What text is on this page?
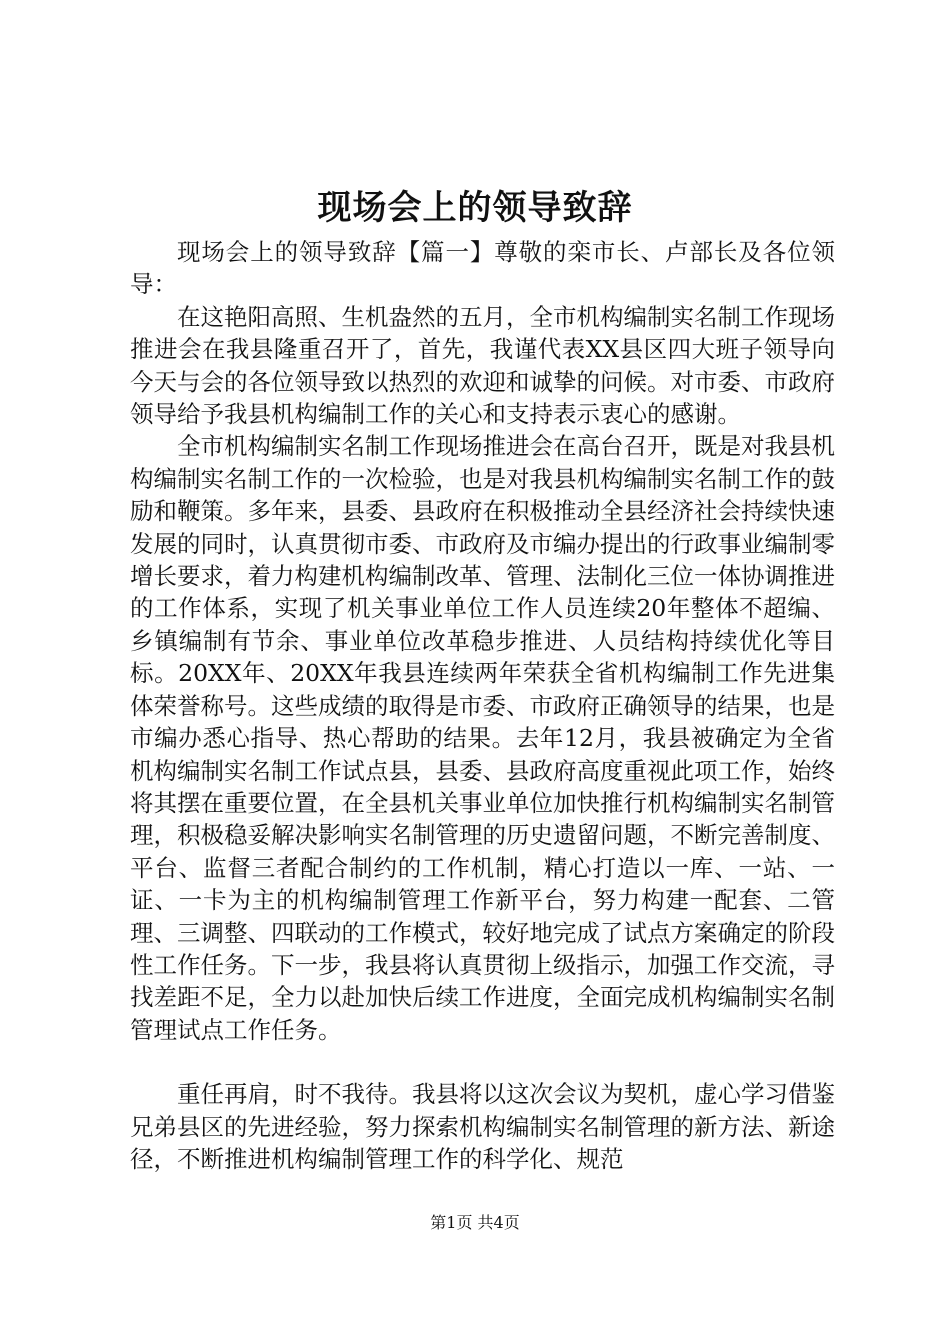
现场会上的领导致辞

现场会上的领导致辞【篇一】尊敬的栾市长、卢部长及各位领导：

在这艳阳高照、生机盎然的五月，全市机构编制实名制工作现场推进会在我县隆重召开了，首先，我谨代表XX县区四大班子领导向今天与会的各位领导致以热烈的欢迎和诚挚的问候。对市委、市政府领导给予我县机构编制工作的关心和支持表示衷心的感谢。

全市机构编制实名制工作现场推进会在高台召开，既是对我县机构编制实名制工作的一次检验，也是对我县机构编制实名制工作的鼓励和鞭策。多年来，县委、县政府在积极推动全县经济社会持续快速发展的同时，认真贯彻市委、市政府及市编办提出的行政事业编制零增长要求，着力构建机构编制改革、管理、法制化三位一体协调推进的工作体系，实现了机关事业单位工作人员连续20年整体不超编、乡镇编制有节余、事业单位改革稳步推进、人员结构持续优化等目标。20XX年、20XX年我县连续两年荣获全省机构编制工作先进集体荣誉称号。这些成绩的取得是市委、市政府正确领导的结果，也是市编办悉心指导、热心帮助的结果。去年12月，我县被确定为全省机构编制实名制工作试点县，县委、县政府高度重视此项工作，始终将其摆在重要位置，在全县机关事业单位加快推行机构编制实名制管理，积极稳妥解决影响实名制管理的历史遗留问题，不断完善制度、平台、监督三者配合制约的工作机制，精心打造以一库、一站、一证、一卡为主的机构编制管理工作新平台，努力构建一配套、二管理、三调整、四联动的工作模式，较好地完成了试点方案确定的阶段性工作任务。下一步，我县将认真贯彻上级指示，加强工作交流，寻找差距不足，全力以赴加快后续工作进度，全面完成机构编制实名制管理试点工作任务。

重任再肩，时不我待。我县将以这次会议为契机，虚心学习借鉴兄弟县区的先进经验，努力探索机构编制实名制管理的新方法、新途径，不断推进机构编制管理工作的科学化、规范

第1页 共4页
